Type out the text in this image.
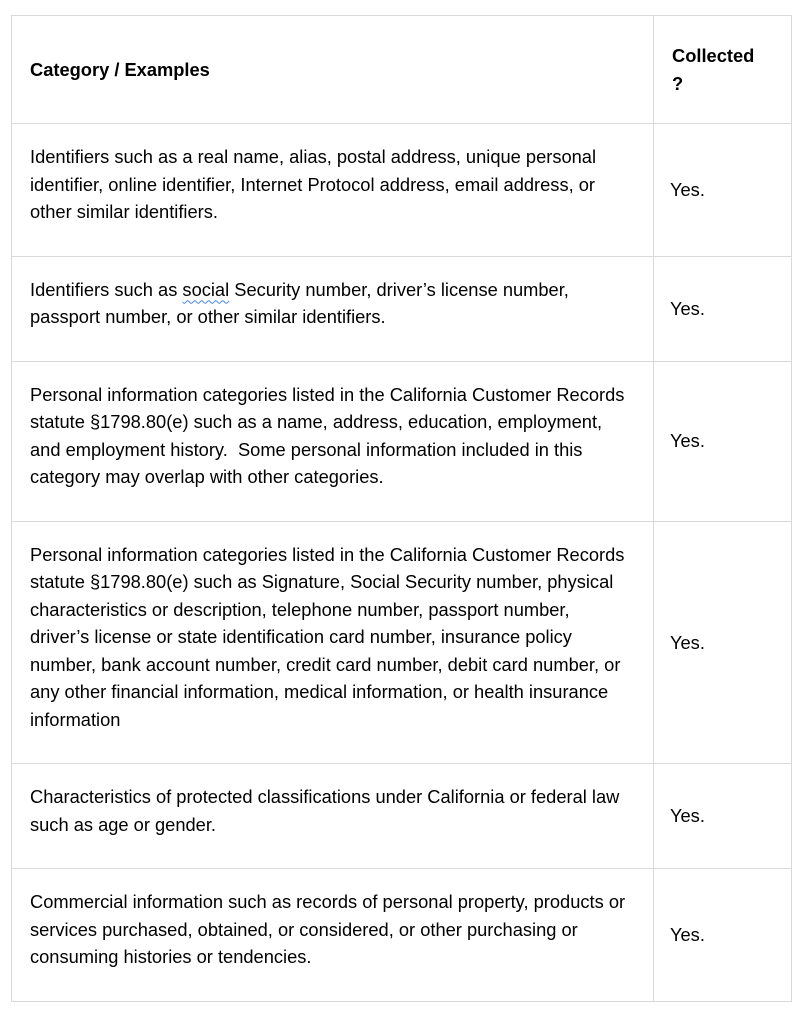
Category / Examples	Collected ?

Identifiers such as a real name, alias, postal address, unique personal identifier, online identifier, Internet Protocol address, email address, or other similar identifiers.	Yes.
Identifiers such as social Security number, driver’s license number, passport number, or other similar identifiers.	Yes.
Personal information categories listed in the California Customer Records statute §1798.80(e) such as a name, address, education, employment, and employment history.  Some personal information included in this category may overlap with other categories.	Yes.
Personal information categories listed in the California Customer Records statute §1798.80(e) such as Signature, Social Security number, physical characteristics or description, telephone number, passport number, driver’s license or state identification card number, insurance policy number, bank account number, credit card number, debit card number, or any other financial information, medical information, or health insurance information	Yes.
Characteristics of protected classifications under California or federal law such as age or gender.	Yes.
Commercial information such as records of personal property, products or services purchased, obtained, or considered, or other purchasing or consuming histories or tendencies.	Yes.
